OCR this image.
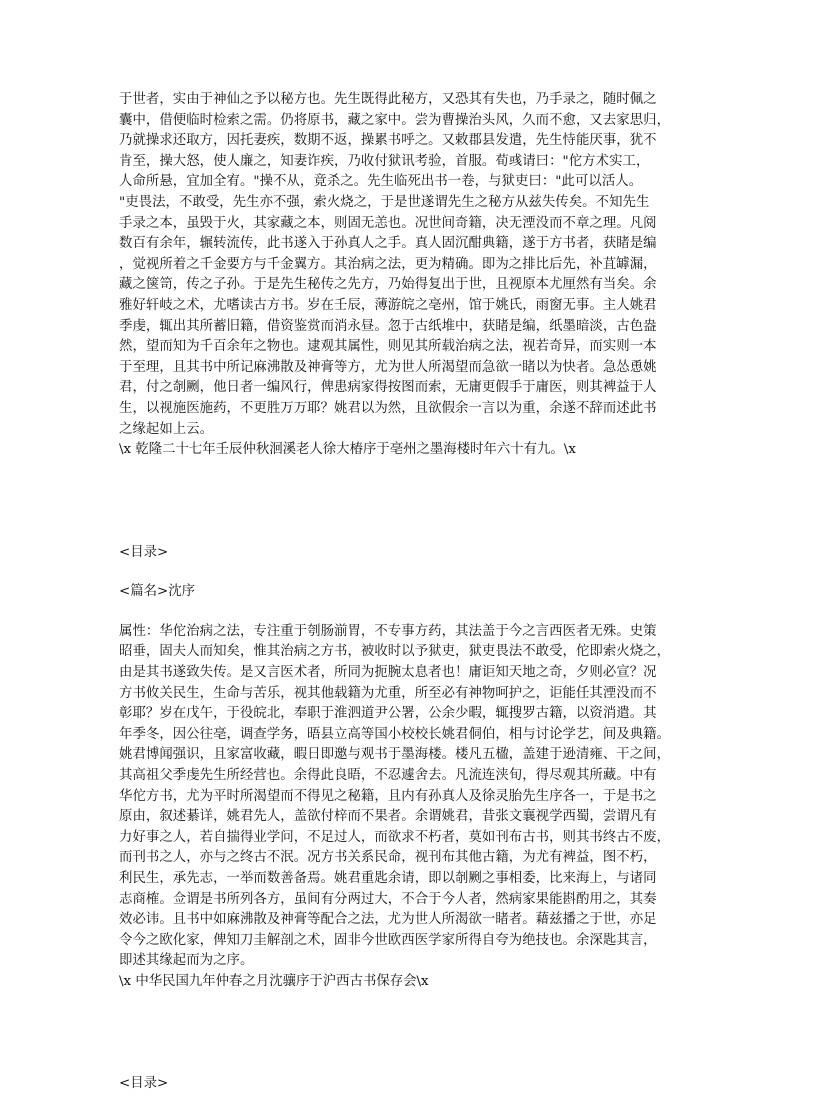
于世者，实由于神仙之予以秘方也。先生既得此秘方，又恐其有失也，乃手录之，随时佩之
囊中，借便临时检索之需。仍将原书，藏之家中。尝为曹操治头风，久而不愈，又去家思归，
乃就操求还取方，因托妻疾，数期不返，操累书呼之。又敕郡县发遣，先生恃能厌事，犹不
肯至，操大怒，使人廉之，知妻诈疾，乃收付狱讯考验，首服。荀彧请曰："佗方术实工，
人命所悬，宜加全宥。"操不从，竟杀之。先生临死出书一卷，与狱吏曰："此可以活人。
"吏畏法，不敢受，先生亦不强，索火烧之，于是世遂谓先生之秘方从兹失传矣。不知先生
手录之本，虽毁于火，其家藏之本，则固无恙也。况世间奇籍，决无湮没而不章之理。凡阅
数百有余年，辗转流传，此书遂入于孙真人之手。真人固沉酣典籍，遂于方书者，获睹是编
，觉视所着之千金要方与千金翼方。其治病之法，更为精确。即为之排比后先，补苴罅漏，
藏之箧笥，传之子孙。于是先生秘传之先方，乃始得复出于世，且视原本尤厘然有当矣。余
雅好轩岐之术，尤嗜读古方书。岁在壬辰，薄游皖之亳州，馆于姚氏，雨窗无事。主人姚君
季虔，辄出其所蓄旧籍，借资鉴赏而消永昼。忽于古纸堆中，获睹是编，纸墨暗淡，古色盎
然，望而知为千百余年之物也。逮观其属性，则见其所载治病之法，视若奇异，而实则一本
于至理，且其书中所记麻沸散及神膏等方，尤为世人所渴望而急欲一睹以为快者。急怂恿姚
君，付之剞劂，他日者一编风行，俾患病家得按图而索，无庸更假手于庸医，则其裨益于人
生，以视施医施药，不更胜万万耶？姚君以为然，且欲假余一言以为重，余遂不辞而述此书
之缘起如上云。

\x 乾隆二十七年壬辰仲秋洄溪老人徐大椿序于亳州之墨海楼时年六十有九。\x

<目录>

<篇名>沈序

属性：华佗治病之法，专注重于刳肠湔胃，不专事方药，其法盖于今之言西医者无殊。史策
昭垂，固夫人而知矣，惟其治病之方书，被收时以予狱吏，狱吏畏法不敢受，佗即索火烧之，
由是其书遂致失传。是又言医术者，所同为扼腕太息者也！庸讵知天地之奇，夕则必宣？况
方书攸关民生，生命与苦乐，视其他载籍为尤重，所至必有神物呵护之，讵能任其湮没而不
彰耶？岁在戊午，于役皖北，奉职于淮泗道尹公署，公余少暇，辄搜罗古籍，以资消遣。其
年季冬，因公往亳，调查学务，晤县立高等国小校校长姚君侗伯，相与讨论学艺，间及典籍。
姚君博闻强识，且家富收藏，暇日即邀与观书于墨海楼。楼凡五楹，盖建于逊清雍、干之间，
其高祖父季虔先生所经营也。余得此良晤，不忍遽舍去。凡流连浃旬，得尽观其所藏。中有
华佗方书，尤为平时所渴望而不得见之秘籍，且内有孙真人及徐灵胎先生序各一，于是书之
原由，叙述綦详，姚君先人，盖欲付梓而不果者。余谓姚君，昔张文襄视学西蜀，尝谓凡有
力好事之人，若自揣得业学问，不足过人，而欲求不朽者，莫如刊布古书，则其书终古不废，
而刊书之人，亦与之终古不泯。况方书关系民命，视刊布其他古籍，为尤有裨益，图不朽，
利民生，承先志，一举而数善备焉。姚君重匙余请，即以剞劂之事相委，比来海上，与诸同
志商榷。佥谓是书所列各方，虽间有分两过大，不合于今人者，然病家果能斟酌用之，其奏
效必讳。且书中如麻沸散及神膏等配合之法，尤为世人所渴欲一睹者。藉兹播之于世，亦足
令今之欧化家，俾知刀圭解剖之术，固非今世欧西医学家所得自夸为绝技也。余深匙其言，
即述其缘起而为之序。

\x 中华民国九年仲春之月沈骧序于沪西古书保存会\x

<目录>
